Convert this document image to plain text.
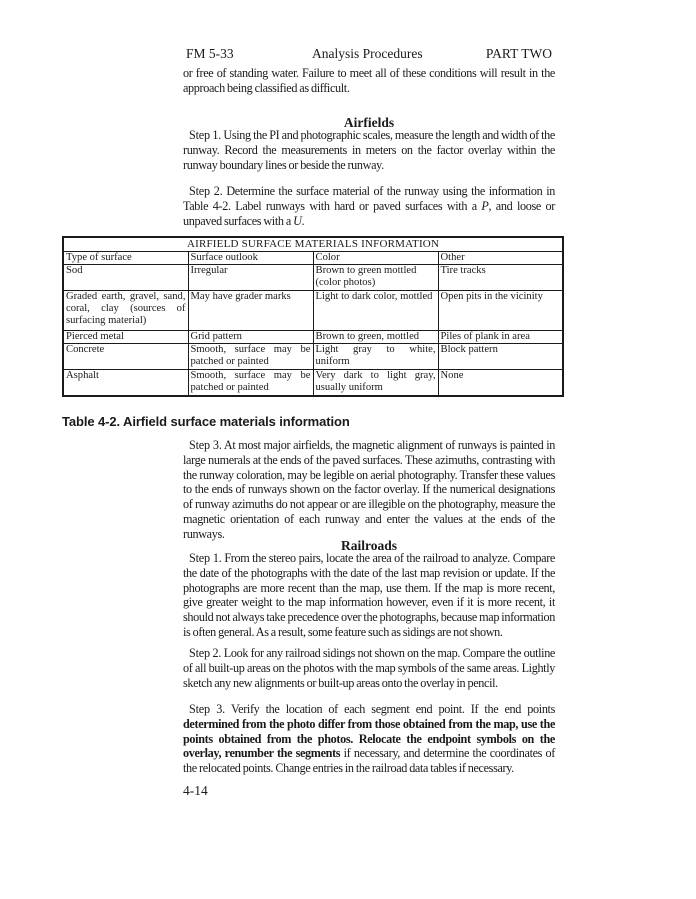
FM 5-33	Analysis Procedures	PART TWO
or free of standing water. Failure to meet all of these conditions will result in the approach being classified as difficult.
Airfields
Step 1. Using the PI and photographic scales, measure the length and width of the runway. Record the measurements in meters on the factor overlay within the runway boundary lines or beside the runway.
Step 2. Determine the surface material of the runway using the information in Table 4-2. Label runways with hard or paved surfaces with a P, and loose or unpaved surfaces with a U.
AIRFIELD SURFACE MATERIALS INFORMATION			
Type of surface	Surface outlook	Color	Other
Sod	Irregular	Brown to green mottled (color photos)	Tire tracks
Graded earth, gravel, sand, coral, clay (sources of surfacing material)	May have grader marks	Light to dark color, mottled	Open pits in the vicinity
Pierced metal	Grid pattern	Brown to green, mottled	Piles of plank in area
Concrete	Smooth, surface may be patched or painted	Light gray to white, uniform	Block pattern
Asphalt	Smooth, surface may be patched or painted	Very dark to light gray, usually uniform	None
Table 4-2. Airfield surface materials information
Step 3. At most major airfields, the magnetic alignment of runways is painted in large numerals at the ends of the paved surfaces. These azimuths, contrasting with the runway coloration, may be legible on aerial photography. Transfer these values to the ends of runways shown on the factor overlay. If the numerical designations of runway azimuths do not appear or are illegible on the photography, measure the magnetic orientation of each runway and enter the values at the ends of the runways.
Railroads
Step 1. From the stereo pairs, locate the area of the railroad to analyze. Compare the date of the photographs with the date of the last map revision or update. If the photographs are more recent than the map, use them. If the map is more recent, give greater weight to the map information however, even if it is more recent, it should not always take precedence over the photographs, because map information is often general. As a result, some feature such as sidings are not shown.
Step 2. Look for any railroad sidings not shown on the map. Compare the outline of all built-up areas on the photos with the map symbols of the same areas. Lightly sketch any new alignments or built-up areas onto the overlay in pencil.
Step 3. Verify the location of each segment end point. If the end points determined from the photo differ from those obtained from the map, use the points obtained from the photos. Relocate the endpoint symbols on the overlay, renumber the segments if necessary, and determine the coordinates of the relocated points. Change entries in the railroad data tables if necessary.
4-14
